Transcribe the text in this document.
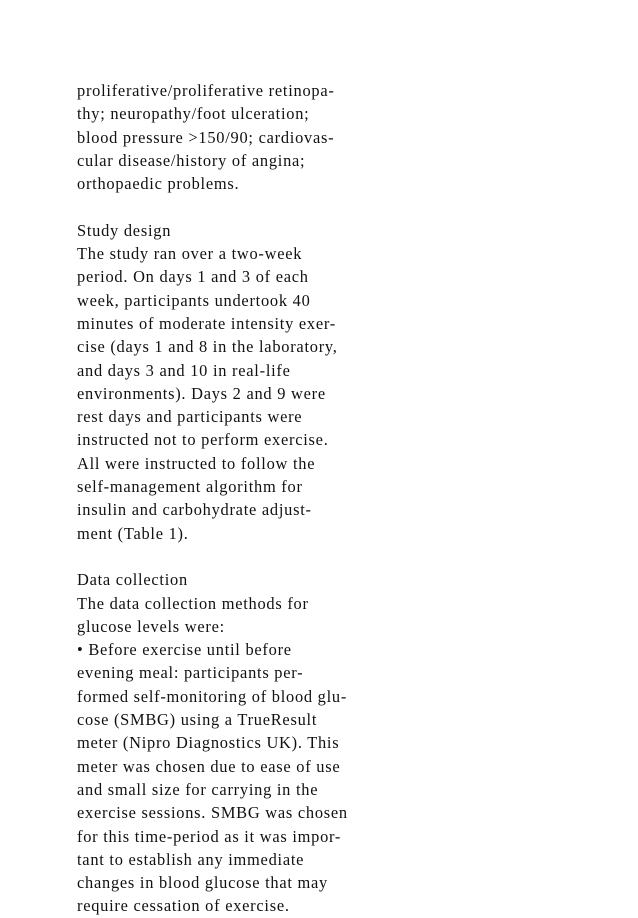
proliferative/proliferative retinopa-
thy; neuropathy/foot ulceration;
blood pressure >150/90; cardiovas-
cular disease/history of angina;
orthopaedic problems.
Study design
The study ran over a two-week
period. On days 1 and 3 of each
week, participants undertook 40
minutes of moderate intensity exer-
cise (days 1 and 8 in the laboratory,
and days 3 and 10 in real-life
environments). Days 2 and 9 were
rest days and participants were
instructed not to perform exercise.
All were instructed to follow the
self-management algorithm for
insulin and carbohydrate adjust-
ment (Table 1).
Data collection
The data collection methods for
glucose levels were:
• Before exercise until before
evening meal: participants per-
formed self-monitoring of blood glu-
cose (SMBG) using a TrueResult
meter (Nipro Diagnostics UK). This
meter was chosen due to ease of use
and small size for carrying in the
exercise sessions. SMBG was chosen
for this time-period as it was impor-
tant to establish any immediate
changes in blood glucose that may
require cessation of exercise.
